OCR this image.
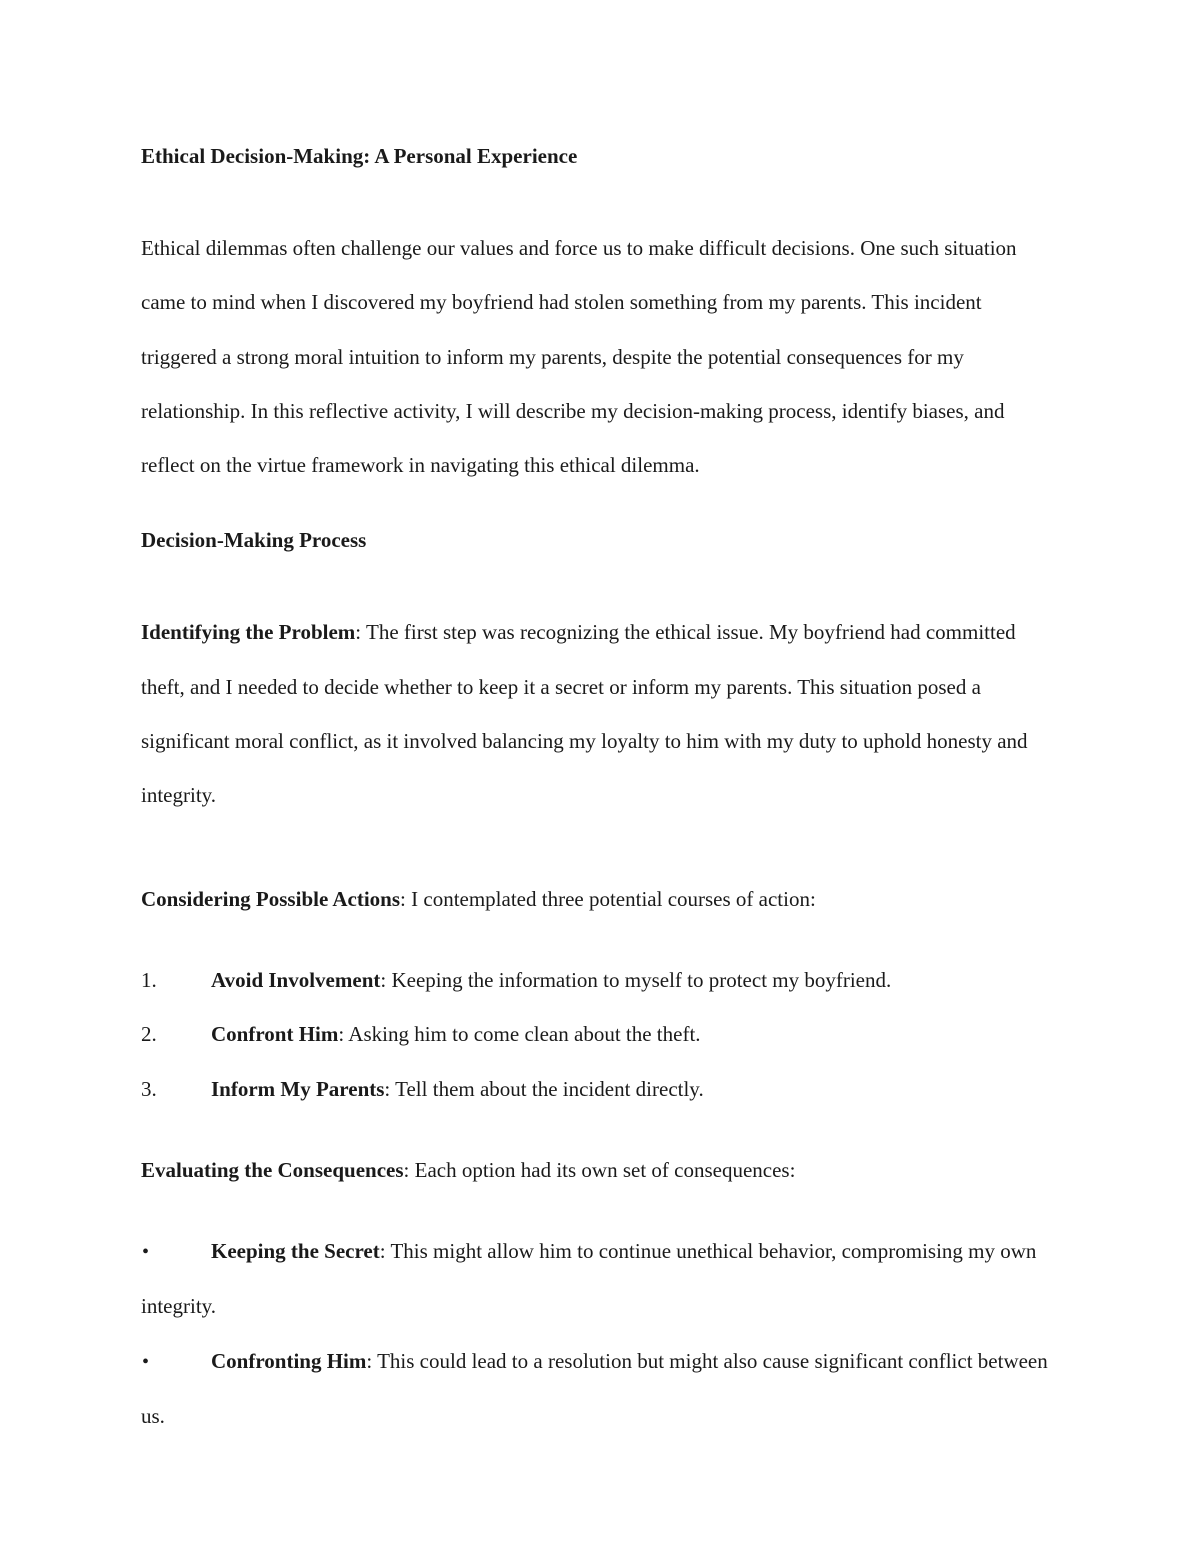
Ethical Decision-Making: A Personal Experience

Ethical dilemmas often challenge our values and force us to make difficult decisions. One such situation came to mind when I discovered my boyfriend had stolen something from my parents. This incident triggered a strong moral intuition to inform my parents, despite the potential consequences for my relationship. In this reflective activity, I will describe my decision-making process, identify biases, and reflect on the virtue framework in navigating this ethical dilemma.

Decision-Making Process

Identifying the Problem: The first step was recognizing the ethical issue. My boyfriend had committed theft, and I needed to decide whether to keep it a secret or inform my parents. This situation posed a significant moral conflict, as it involved balancing my loyalty to him with my duty to uphold honesty and integrity.

Considering Possible Actions: I contemplated three potential courses of action:

1.	Avoid Involvement: Keeping the information to myself to protect my boyfriend.
2.	Confront Him: Asking him to come clean about the theft.
3.	Inform My Parents: Tell them about the incident directly.

Evaluating the Consequences: Each option had its own set of consequences:

•	Keeping the Secret: This might allow him to continue unethical behavior, compromising my own integrity.
•	Confronting Him: This could lead to a resolution but might also cause significant conflict between us.
